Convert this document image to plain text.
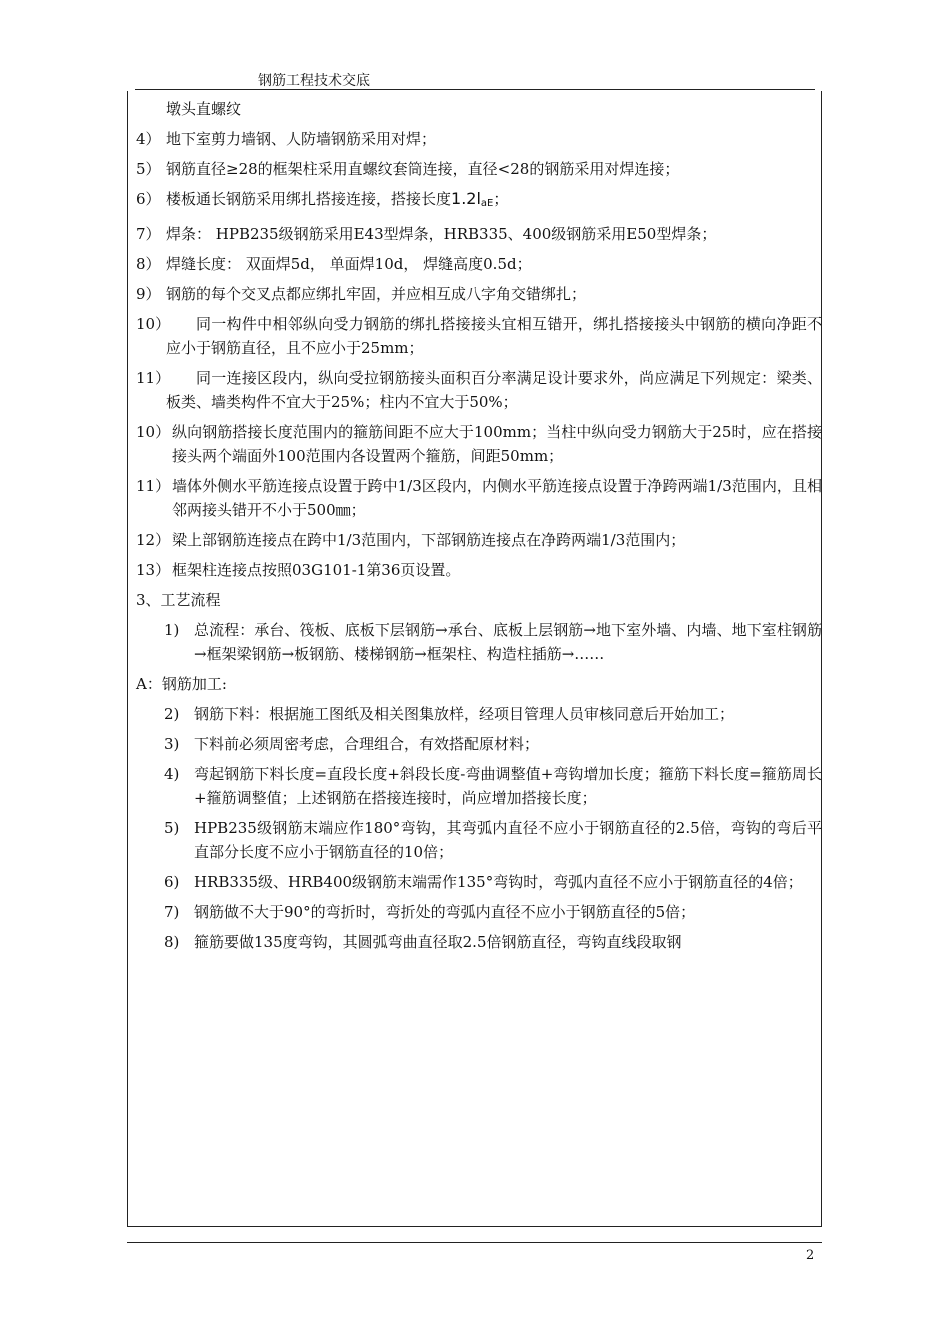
钢筋工程技术交底
墩头直螺纹
4） 地下室剪力墙钢、人防墙钢筋采用对焊；
5） 钢筋直径≥28的框架柱采用直螺纹套筒连接，直径<28的钢筋采用对焊连接；
6） 楼板通长钢筋采用绑扎搭接连接，搭接长度$1.2l_{aE}$；
7） 焊条： HPB235级钢筋采用E43型焊条，HRB335、400级钢筋采用E50型焊条；
8） 焊缝长度： 双面焊5d， 单面焊10d， 焊缝高度0.5d；
9） 钢筋的每个交叉点都应绑扎牢固，并应相互成八字角交错绑扎；
10）	同一构件中相邻纵向受力钢筋的绑扎搭接接头宜相互错开，绑扎搭接接头中钢筋的横向净距不应小于钢筋直径，且不应小于25mm；
11）	同一连接区段内，纵向受拉钢筋接头面积百分率满足设计要求外，尚应满足下列规定：梁类、板类、墙类构件不宜大于25%；柱内不宜大于50%；
10） 纵向钢筋搭接长度范围内的箍筋间距不应大于100mm；当柱中纵向受力钢筋大于25时，应在搭接接头两个端面外100范围内各设置两个箍筋，间距50mm；
11） 墙体外侧水平筋连接点设置于跨中1/3区段内，内侧水平筋连接点设置于净跨两端1/3范围内，且相邻两接头错开不小于500㎜；
12） 梁上部钢筋连接点在跨中1/3范围内，下部钢筋连接点在净跨两端1/3范围内；
13） 框架柱连接点按照03G101-1第36页设置。
3、工艺流程
1) 总流程：承台、筏板、底板下层钢筋→承台、底板上层钢筋→地下室外墙、内墙、地下室柱钢筋→框架梁钢筋→板钢筋、楼梯钢筋→框架柱、构造柱插筋→……
A：钢筋加工:
2) 钢筋下料：根据施工图纸及相关图集放样，经项目管理人员审核同意后开始加工；
3) 下料前必须周密考虑，合理组合，有效搭配原材料；
4) 弯起钢筋下料长度=直段长度+斜段长度-弯曲调整值+弯钩增加长度；箍筋下料长度=箍筋周长+箍筋调整值；上述钢筋在搭接连接时，尚应增加搭接长度；
5) HPB235级钢筋末端应作180°弯钩，其弯弧内直径不应小于钢筋直径的2.5倍，弯钩的弯后平直部分长度不应小于钢筋直径的10倍；
6) HRB335级、HRB400级钢筋末端需作135°弯钩时，弯弧内直径不应小于钢筋直径的4倍；
7) 钢筋做不大于90°的弯折时，弯折处的弯弧内直径不应小于钢筋直径的5倍；
8) 箍筋要做135度弯钩，其圆弧弯曲直径取2.5倍钢筋直径，弯钩直线段取钢
2
